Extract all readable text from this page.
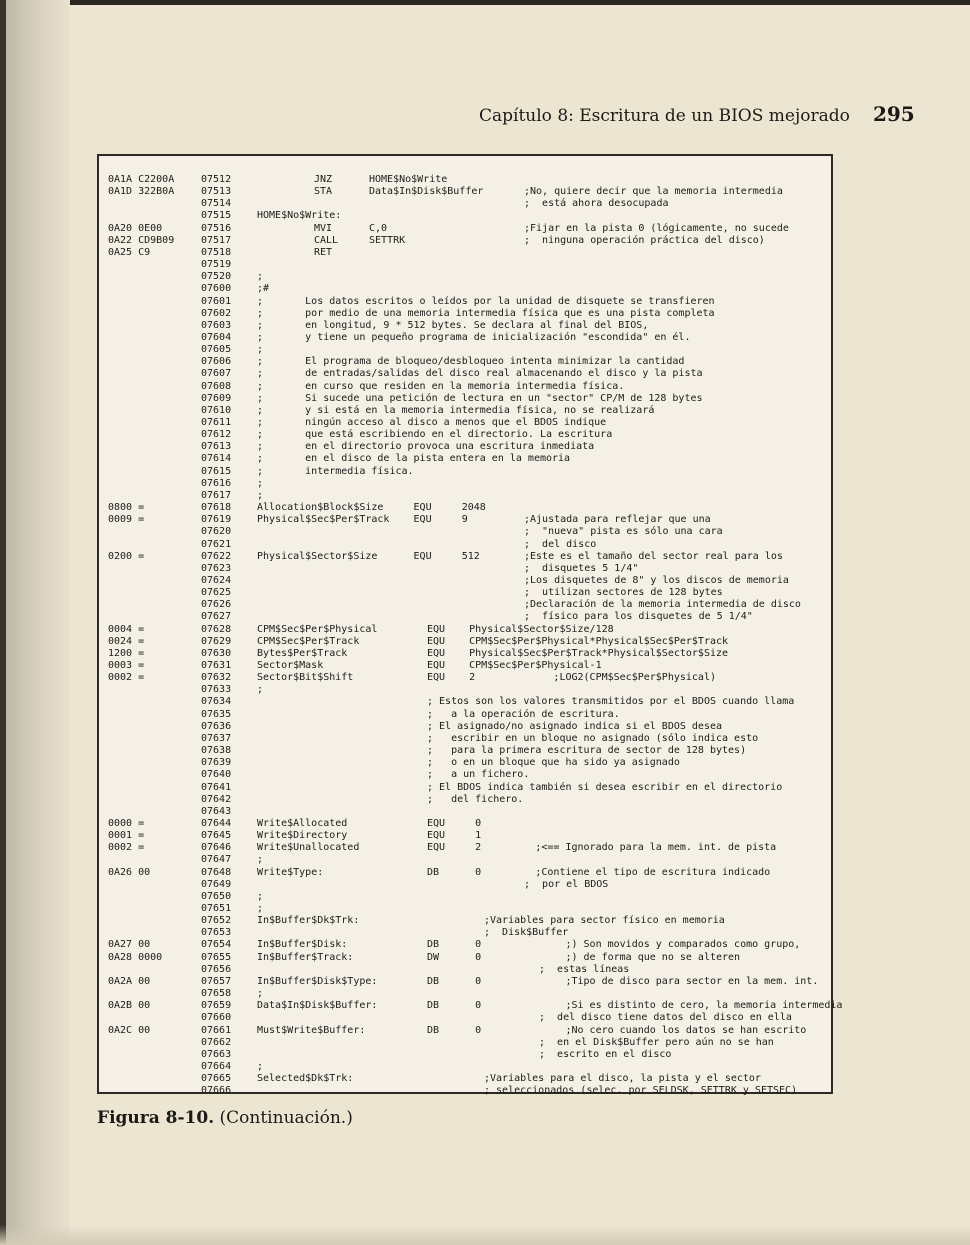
Capítulo 8: Escritura de un BIOS mejorado 295
0A1A C2200A	07512	JNZ	HOME$No$Write
0A1D 322B0A	07513	STA	Data$In$Disk$Buffer	;No, quiere decir que la memoria intermedia
07514	;  está ahora desocupada
07515	HOME$No$Write:
0A20 0E00	07516	MVI	C,0	;Fijar en la pista 0 (lógicamente, no sucede
0A22 CD9B09	07517	CALL	SETTRK	;  ninguna operación práctica del disco)
0A25 C9	07518	RET
07519
07520	;
07600	;#
07601	;       Los datos escritos o leídos por la unidad de disquete se transfieren
07602	;       por medio de una memoria intermedia física que es una pista completa
07603	;       en longitud, 9 * 512 bytes. Se declara al final del BIOS,
07604	;       y tiene un pequeño programa de inicialización "escondida" en él.
07605	;
07606	;       El programa de bloqueo/desbloqueo intenta minimizar la cantidad
07607	;       de entradas/salidas del disco real almacenando el disco y la pista
07608	;       en curso que residen en la memoria intermedia física.
07609	;       Si sucede una petición de lectura en un "sector" CP/M de 128 bytes
07610	;       y si está en la memoria intermedia física, no se realizará
07611	;       ningún acceso al disco a menos que el BDOS indique
07612	;       que está escribiendo en el directorio. La escritura
07613	;       en el directorio provoca una escritura inmediata
07614	;       en el disco de la pista entera en la memoria
07615	;       intermedia física.
07616	;
07617	;
0800 =	07618	Allocation$Block$Size     EQU     2048
0009 =	07619	Physical$Sec$Per$Track    EQU     9	;Ajustada para reflejar que una
07620	;  "nueva" pista es sólo una cara
07621	;  del disco
0200 =	07622	Physical$Sector$Size      EQU     512	;Este es el tamaño del sector real para los
07623	;  disquetes 5 1/4"
07624	;Los disquetes de 8" y los discos de memoria
07625	;  utilizan sectores de 128 bytes
07626	;Declaración de la memoria intermedia de disco
07627	;  físico para los disquetes de 5 1/4"
0004 =	07628	CPM$Sec$Per$Physical	EQU    Physical$Sector$Size/128
0024 =	07629	CPM$Sec$Per$Track	EQU    CPM$Sec$Per$Physical*Physical$Sec$Per$Track
1200 =	07630	Bytes$Per$Track	EQU    Physical$Sec$Per$Track*Physical$Sector$Size
0003 =	07631	Sector$Mask	EQU    CPM$Sec$Per$Physical-1
0002 =	07632	Sector$Bit$Shift	EQU    2             ;LOG2(CPM$Sec$Per$Physical)
07633	;
07634	; Estos son los valores transmitidos por el BDOS cuando llama
07635	;   a la operación de escritura.
07636	; El asignado/no asignado indica si el BDOS desea
07637	;   escribir en un bloque no asignado (sólo indica esto
07638	;   para la primera escritura de sector de 128 bytes)
07639	;   o en un bloque que ha sido ya asignado
07640	;   a un fichero.
07641	; El BDOS indica también si desea escribir en el directorio
07642	;   del fichero.
07643
0000 =	07644	Write$Allocated	EQU     0
0001 =	07645	Write$Directory	EQU     1
0002 =	07646	Write$Unallocated	EQU     2         ;<== Ignorado para la mem. int. de pista
07647	;
0A26 00	07648	Write$Type:	DB      0         ;Contiene el tipo de escritura indicado
07649	;  por el BDOS
07650	;
07651	;
07652	In$Buffer$Dk$Trk:	;Variables para sector físico en memoria
07653	;  Disk$Buffer
0A27 00	07654	In$Buffer$Disk:	DB      0              ;) Son movidos y comparados como grupo,
0A28 0000	07655	In$Buffer$Track:	DW      0              ;) de forma que no se alteren
07656	;  estas líneas
0A2A 00	07657	In$Buffer$Disk$Type:	DB      0              ;Tipo de disco para sector en la mem. int.
07658	;
0A2B 00	07659	Data$In$Disk$Buffer:	DB      0              ;Si es distinto de cero, la memoria intermedia
07660	;  del disco tiene datos del disco en ella
0A2C 00	07661	Must$Write$Buffer:	DB      0              ;No cero cuando los datos se han escrito
07662	;  en el Disk$Buffer pero aún no se han
07663	;  escrito en el disco
07664	;
07665	Selected$Dk$Trk:	;Variables para el disco, la pista y el sector
07666	; seleccionados (selec. por SELDSK, SETTRK y SETSEC)
Figura 8-10. (Continuación.)
